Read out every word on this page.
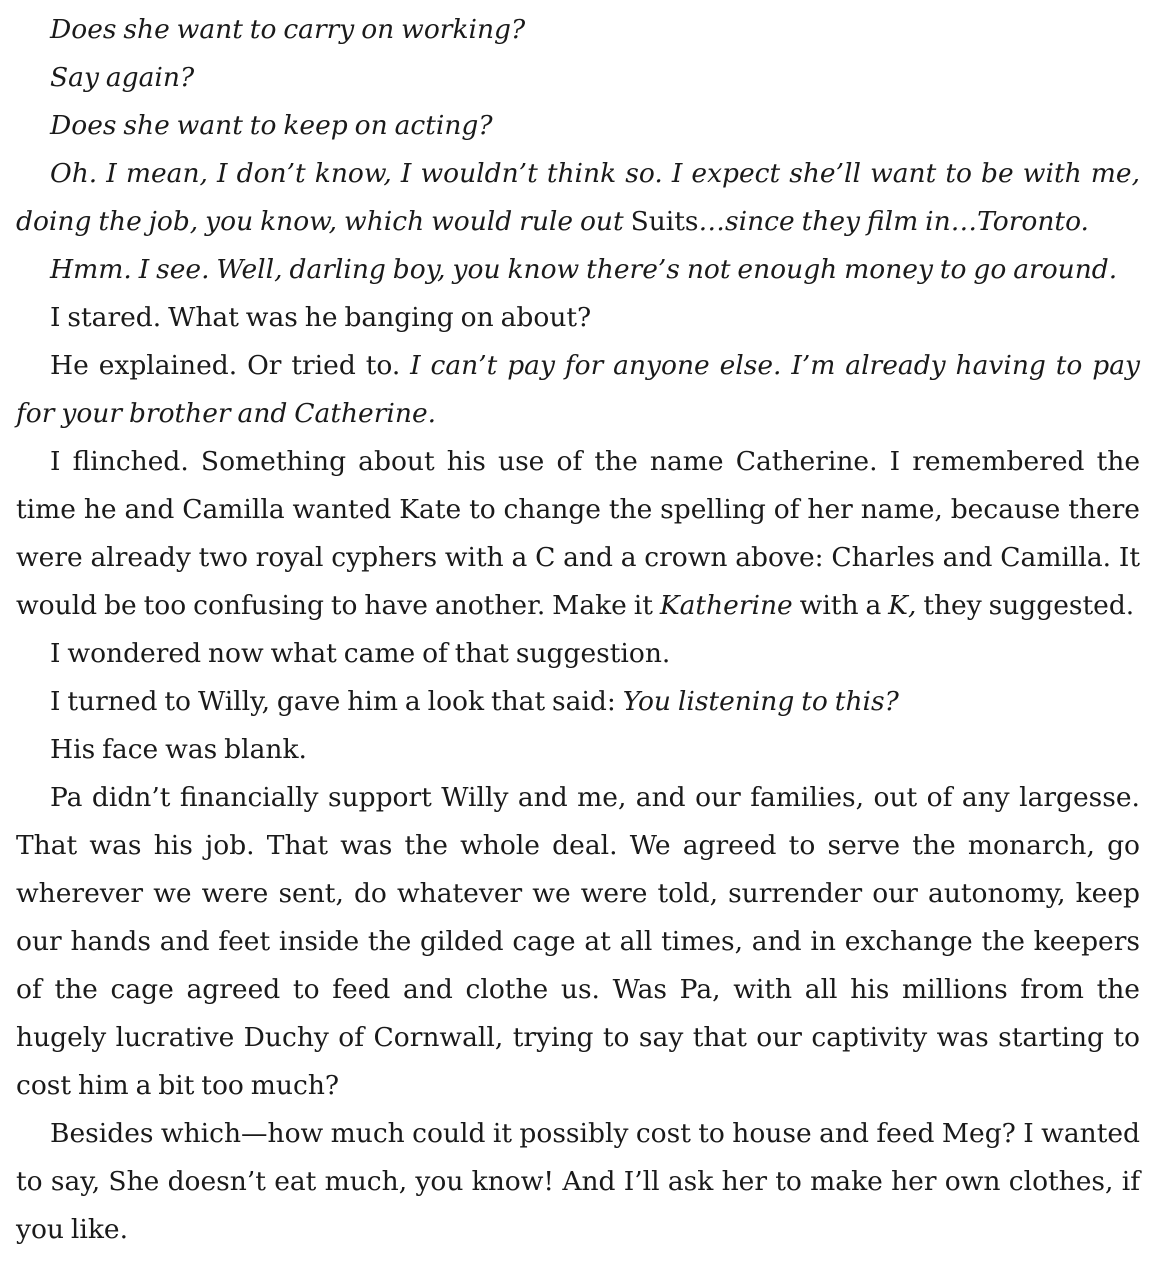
Does she want to carry on working?

Say again?

Does she want to keep on acting?

Oh. I mean, I don’t know, I wouldn’t think so. I expect she’ll want to be with me, doing the job, you know, which would rule out Suits…since they film in…Toronto.

Hmm. I see. Well, darling boy, you know there’s not enough money to go around.

I stared. What was he banging on about?

He explained. Or tried to. I can’t pay for anyone else. I’m already having to pay for your brother and Catherine.

I flinched. Something about his use of the name Catherine. I remembered the time he and Camilla wanted Kate to change the spelling of her name, because there were already two royal cyphers with a C and a crown above: Charles and Camilla. It would be too confusing to have another. Make it Katherine with a K, they suggested.

I wondered now what came of that suggestion.

I turned to Willy, gave him a look that said: You listening to this?

His face was blank.

Pa didn’t financially support Willy and me, and our families, out of any largesse. That was his job. That was the whole deal. We agreed to serve the monarch, go wherever we were sent, do whatever we were told, surrender our autonomy, keep our hands and feet inside the gilded cage at all times, and in exchange the keepers of the cage agreed to feed and clothe us. Was Pa, with all his millions from the hugely lucrative Duchy of Cornwall, trying to say that our captivity was starting to cost him a bit too much?

Besides which—how much could it possibly cost to house and feed Meg? I wanted to say, She doesn’t eat much, you know! And I’ll ask her to make her own clothes, if you like.
